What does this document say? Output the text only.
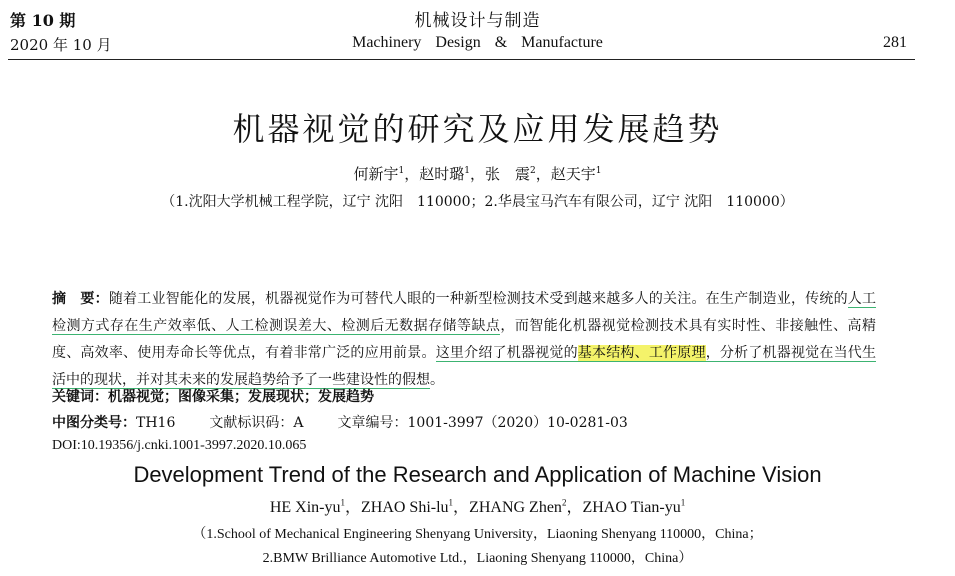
第 10 期
2020 年 10 月
机械设计与制造
Machinery Design & Manufacture	281
机器视觉的研究及应用发展趋势
何新宇$^1$，赵时璐$^1$，张　震$^2$，赵天宇$^1$
（1.沈阳大学机械工程学院，辽宁 沈阳　110000；2.华晨宝马汽车有限公司，辽宁 沈阳　110000）
摘　要：随着工业智能化的发展，机器视觉作为可替代人眼的一种新型检测技术受到越来越多人的关注。在生产制造业，传统的人工检测方式存在生产效率低、人工检测误差大、检测后无数据存储等缺点，而智能化机器视觉检测技术具有实时性、非接触性、高精度、高效率、使用寿命长等优点，有着非常广泛的应用前景。这里介绍了机器视觉的基本结构、工作原理，分析了机器视觉在当代生活中的现状，并对其未来的发展趋势给予了一些建设性的假想。
关键词：机器视觉；图像采集；发展现状；发展趋势
中图分类号：TH16 文献标识码：A 文章编号：1001-3997（2020）10-0281-03
DOI:10.19356/j.cnki.1001-3997.2020.10.065
Development Trend of the Research and Application of Machine Vision
HE Xin-$yu^1$，ZHAO Shi-$lu^1$，ZHANG Zhen$^2$，ZHAO Tian-$yu^1$
（1.School of Mechanical Engineering Shenyang University，Liaoning Shenyang 110000，China；
2.BMW Brilliance Automotive Ltd.，Liaoning Shenyang 110000，China）
